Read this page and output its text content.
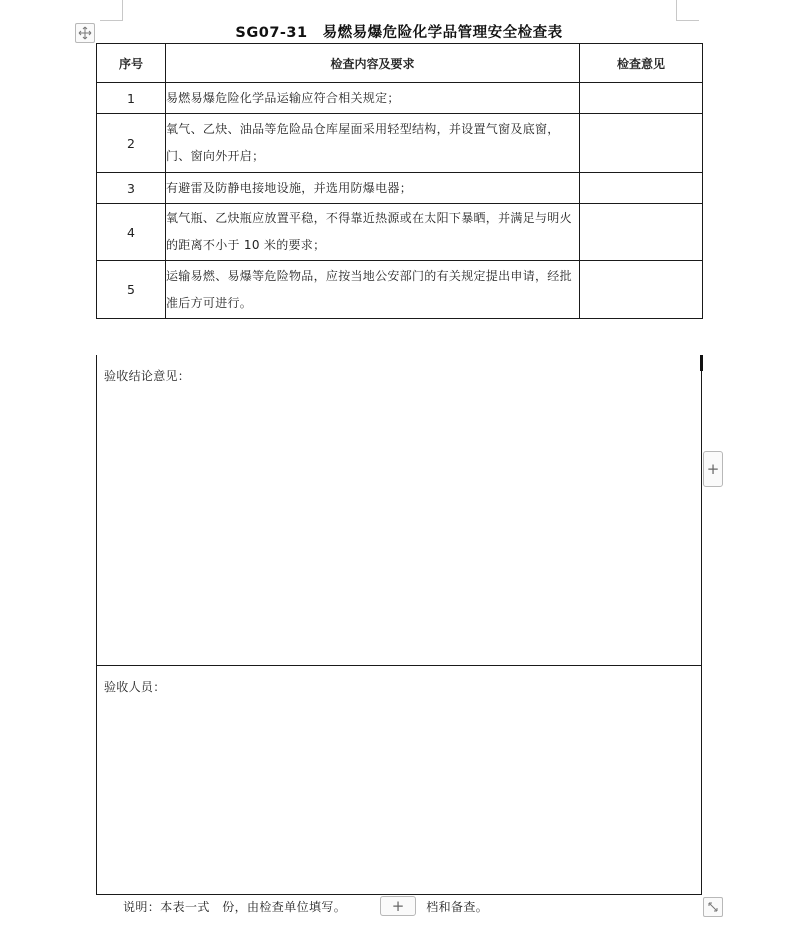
SG07-31　易燃易爆危险化学品管理安全检查表
序号	检查内容及要求	检查意见
1	易燃易爆危险化学品运输应符合相关规定；	
2	氧气、乙炔、油品等危险品仓库屋面采用轻型结构，并设置气窗及底窗，门、窗向外开启；	
3	有避雷及防静电接地设施，并选用防爆电器；	
4	氧气瓶、乙炔瓶应放置平稳，不得靠近热源或在太阳下暴晒，并满足与明火的距离不小于 10 米的要求；	
5	运输易燃、易爆等危险物品，应按当地公安部门的有关规定提出申请，经批准后方可进行。	
验收结论意见：
验收人员：
+
说明：本表一式　份，由检查单位填写。	档和备查。
+
